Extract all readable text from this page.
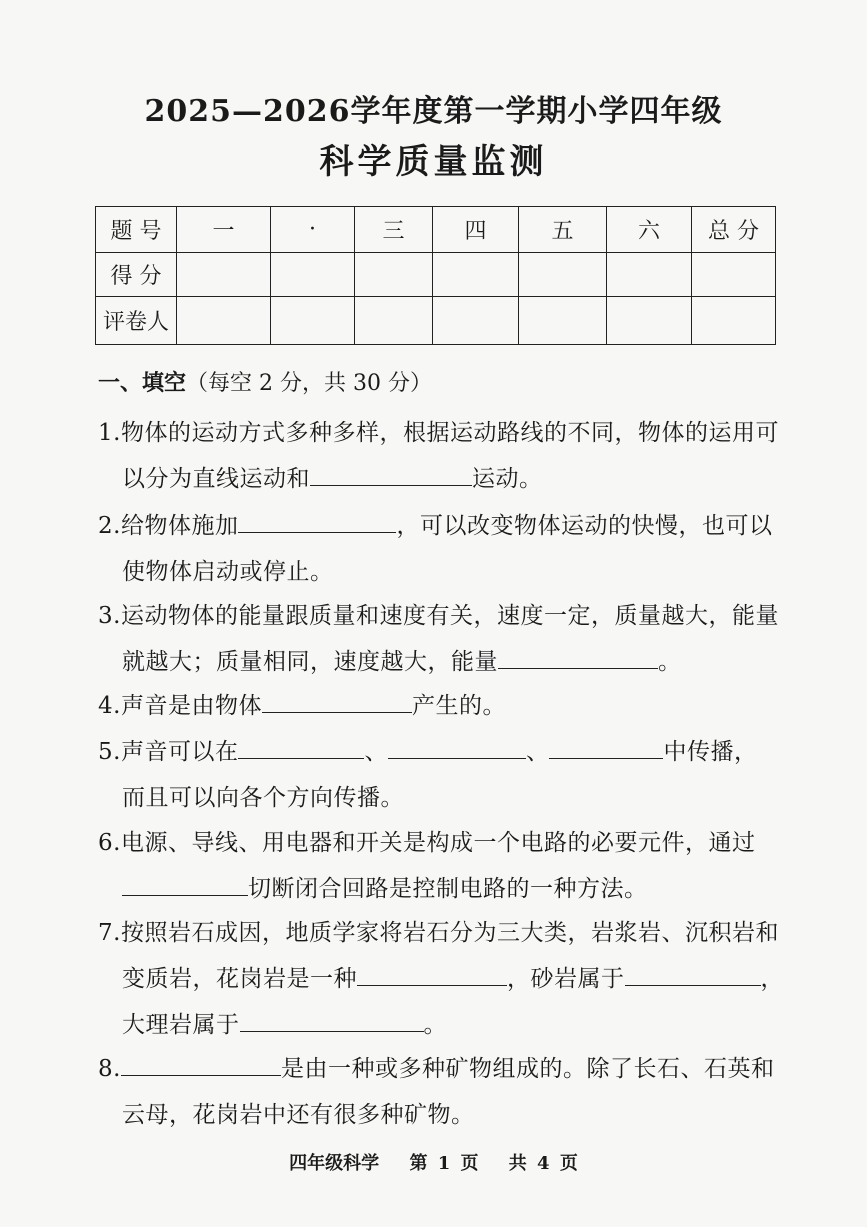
2025—2026学年度第一学期小学四年级
科学质量监测
题 号	一	·	三	四	五	六	总 分
得 分							
评卷人							
一、填空（每空 2 分，共 30 分）
1.物体的运动方式多种多样，根据运动路线的不同，物体的运用可
以分为直线运动和	运动。
2.给物体施加	，可以改变物体运动的快慢，也可以
使物体启动或停止。
3.运动物体的能量跟质量和速度有关，速度一定，质量越大，能量
就越大；质量相同，速度越大，能量	。
4.声音是由物体	产生的。
5.声音可以在	、	、	中传播，
而且可以向各个方向传播。
6.电源、导线、用电器和开关是构成一个电路的必要元件，通过
切断闭合回路是控制电路的一种方法。
7.按照岩石成因，地质学家将岩石分为三大类，岩浆岩、沉积岩和
变质岩，花岗岩是一种	，砂岩属于	，
大理岩属于	。
8.	是由一种或多种矿物组成的。除了长石、石英和
云母，花岗岩中还有很多种矿物。
四年级科学 第 1 页 共 4 页
